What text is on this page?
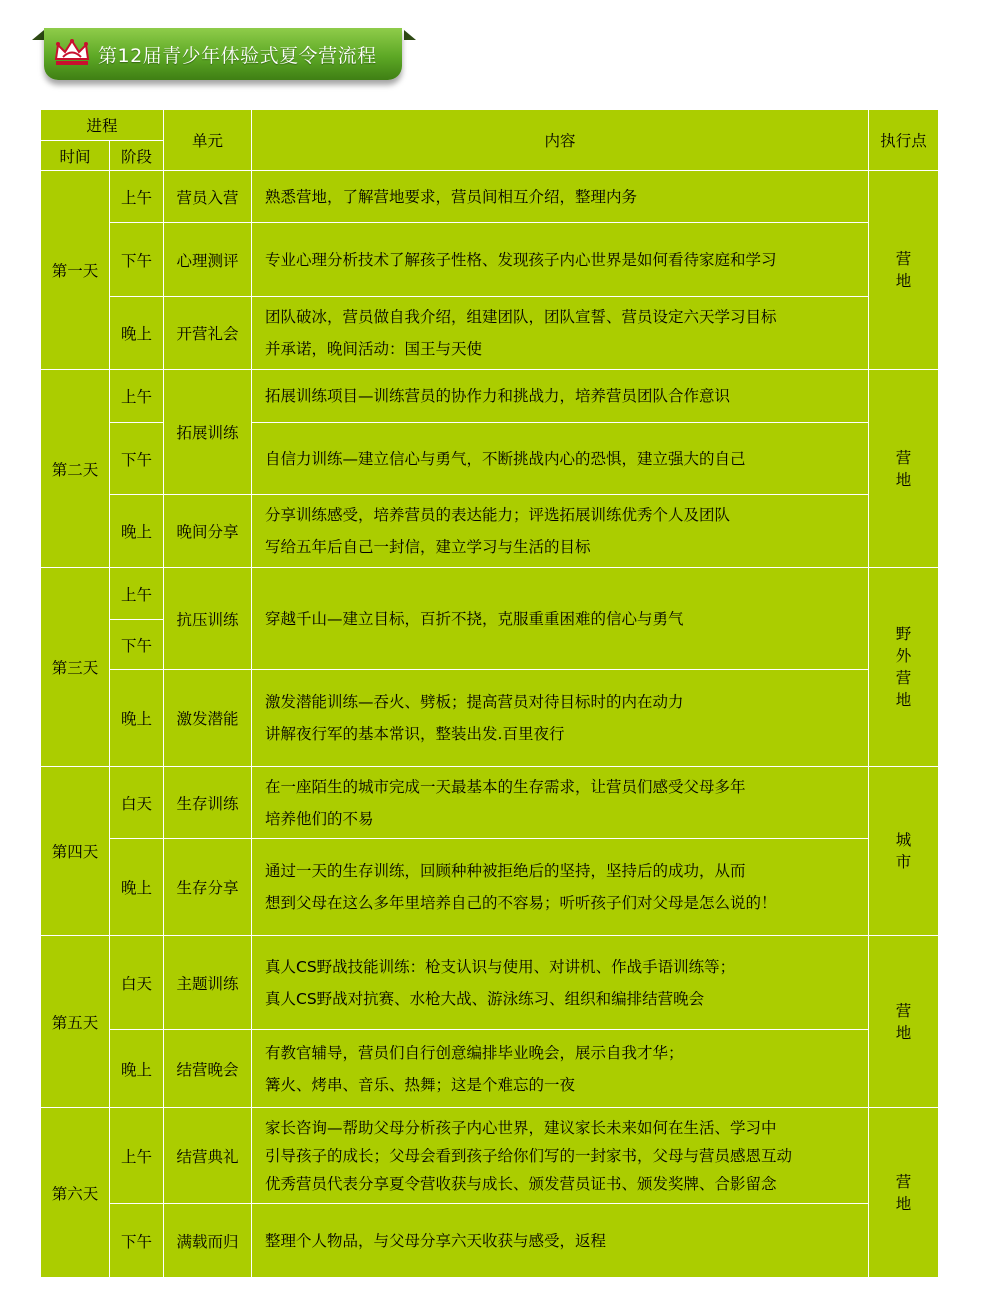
第12届青少年体验式夏令营流程
进程		单元	内容	执行点
时间	阶段			
第一天	上午	营员入营	熟悉营地，了解营地要求，营员间相互介绍，整理内务	营地
	下午	心理测评	专业心理分析技术了解孩子性格、发现孩子内心世界是如何看待家庭和学习	

	晚上	开营礼会	团队破冰，营员做自我介绍，组建团队，团队宣誓、营员设定六天学习目标
并承诺，晚间活动：国王与天使	

第二天	上午	拓展训练	拓展训练项目—训练营员的协作力和挑战力，培养营员团队合作意识	营地
	下午		自信力训练—建立信心与勇气，不断挑战内心的恐惧，建立强大的自己	

	晚上	晚间分享	分享训练感受，培养营员的表达能力；评选拓展训练优秀个人及团队
写给五年后自己一封信，建立学习与生活的目标	

第三天	上午	抗压训练	穿越千山—建立目标，百折不挠，克服重重困难的信心与勇气	野外营地
	下午			
	晚上	激发潜能	激发潜能训练—吞火、劈板；提高营员对待目标时的内在动力
讲解夜行军的基本常识，整装出发.百里夜行	

第四天	白天	生存训练	在一座陌生的城市完成一天最基本的生存需求，让营员们感受父母多年
培养他们的不易	城市
	晚上	生存分享	通过一天的生存训练，回顾种种被拒绝后的坚持，坚持后的成功，从而
想到父母在这么多年里培养自己的不容易；听听孩子们对父母是怎么说的！	

第五天	白天	主题训练	真人CS野战技能训练：枪支认识与使用、对讲机、作战手语训练等；
真人CS野战对抗赛、水枪大战、游泳练习、组织和编排结营晚会	营地
	晚上	结营晚会	有教官辅导，营员们自行创意编排毕业晚会，展示自我才华；
篝火、烤串、音乐、热舞；这是个难忘的一夜	

第六天	上午	结营典礼	家长咨询—帮助父母分析孩子内心世界，建议家长未来如何在生活、学习中
引导孩子的成长；父母会看到孩子给你们写的一封家书，父母与营员感恩互动
优秀营员代表分享夏令营收获与成长、颁发营员证书、颁发奖牌、合影留念	营地
	下午	满载而归	整理个人物品，与父母分享六天收获与感受，返程	
